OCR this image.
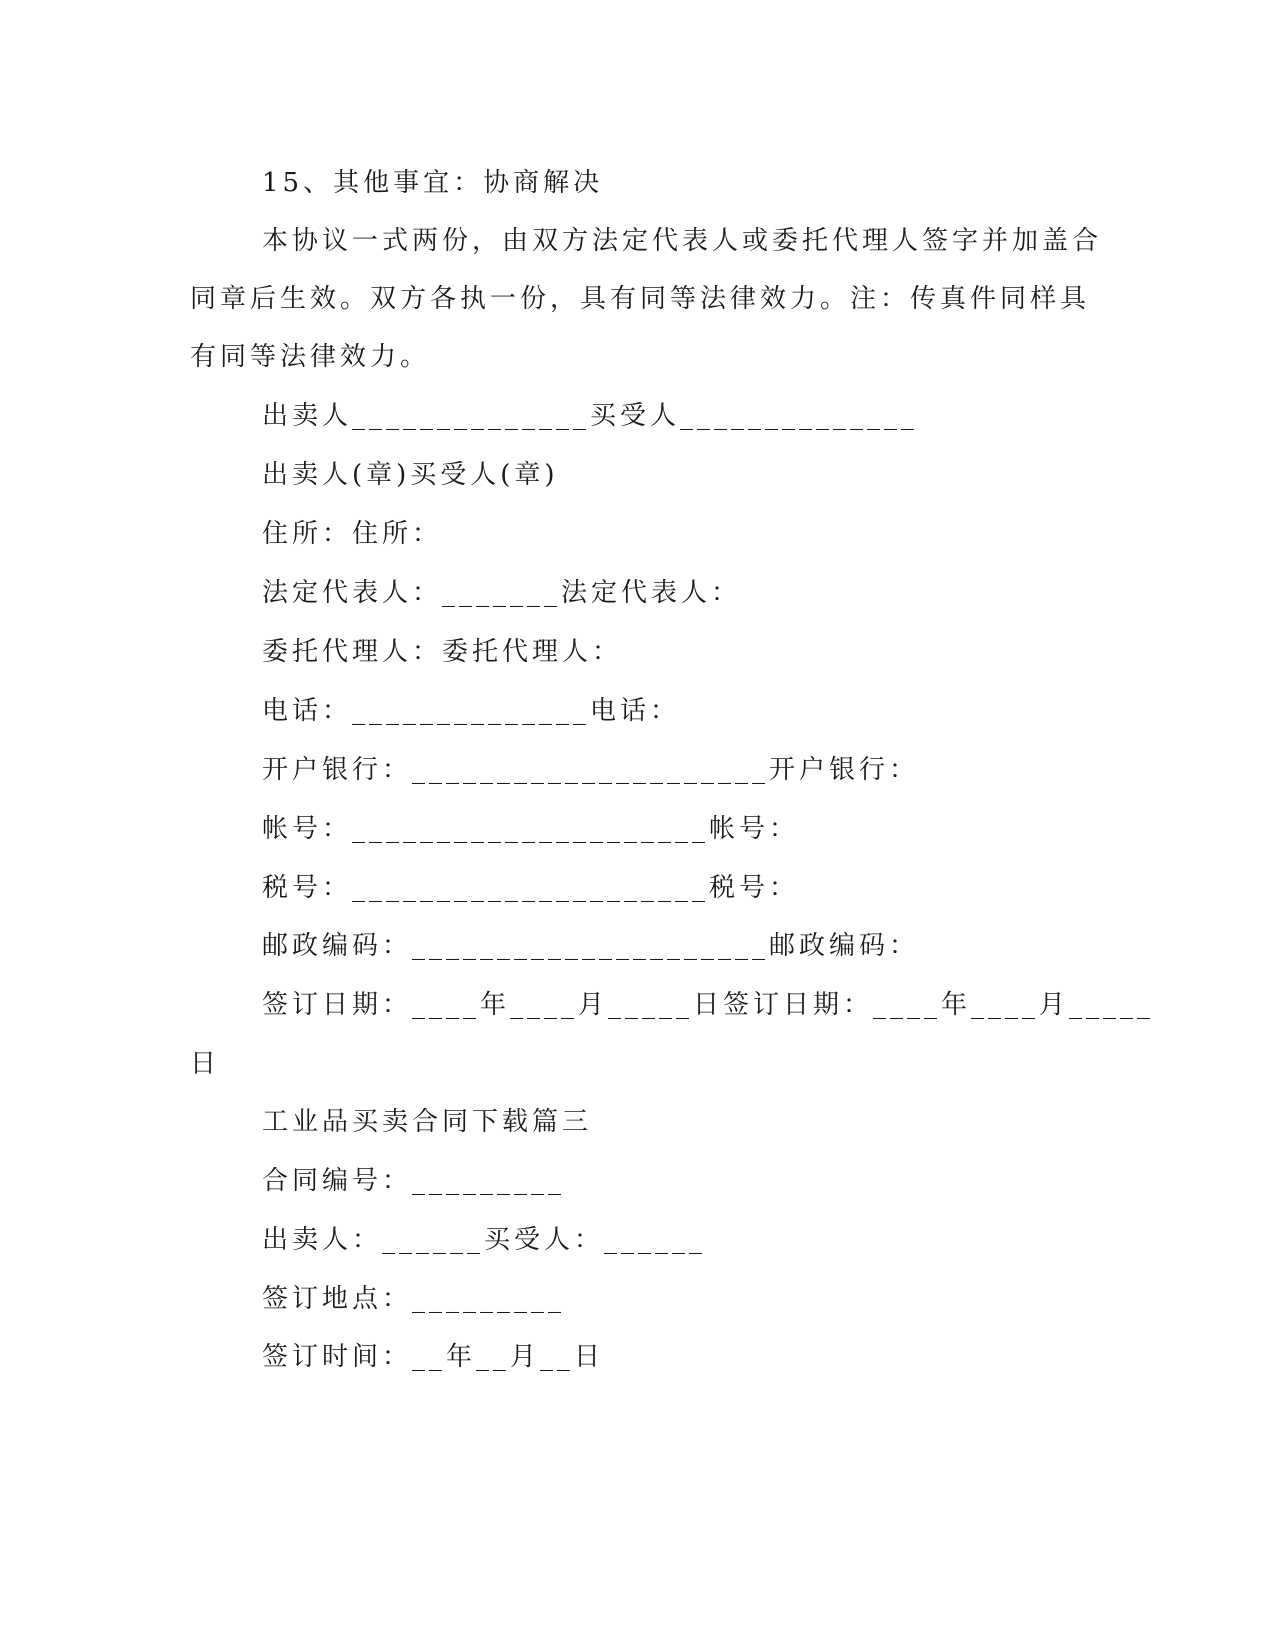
15、其他事宜：协商解决
本协议一式两份，由双方法定代表人或委托代理人签字并加盖合
同章后生效。双方各执一份，具有同等法律效力。注：传真件同样具
有同等法律效力。
出卖人______________买受人______________
出卖人(章)买受人(章)
住所：住所：
法定代表人：_______法定代表人：
委托代理人：委托代理人：
电话：______________电话：
开户银行：_____________________开户银行：
帐号：_____________________帐号：
税号：_____________________税号：
邮政编码：_____________________邮政编码：
签订日期：____年____月_____日签订日期：____年____月_____
日
工业品买卖合同下载篇三
合同编号：_________
出卖人：______买受人：______
签订地点：_________
签订时间：__年__月__日
